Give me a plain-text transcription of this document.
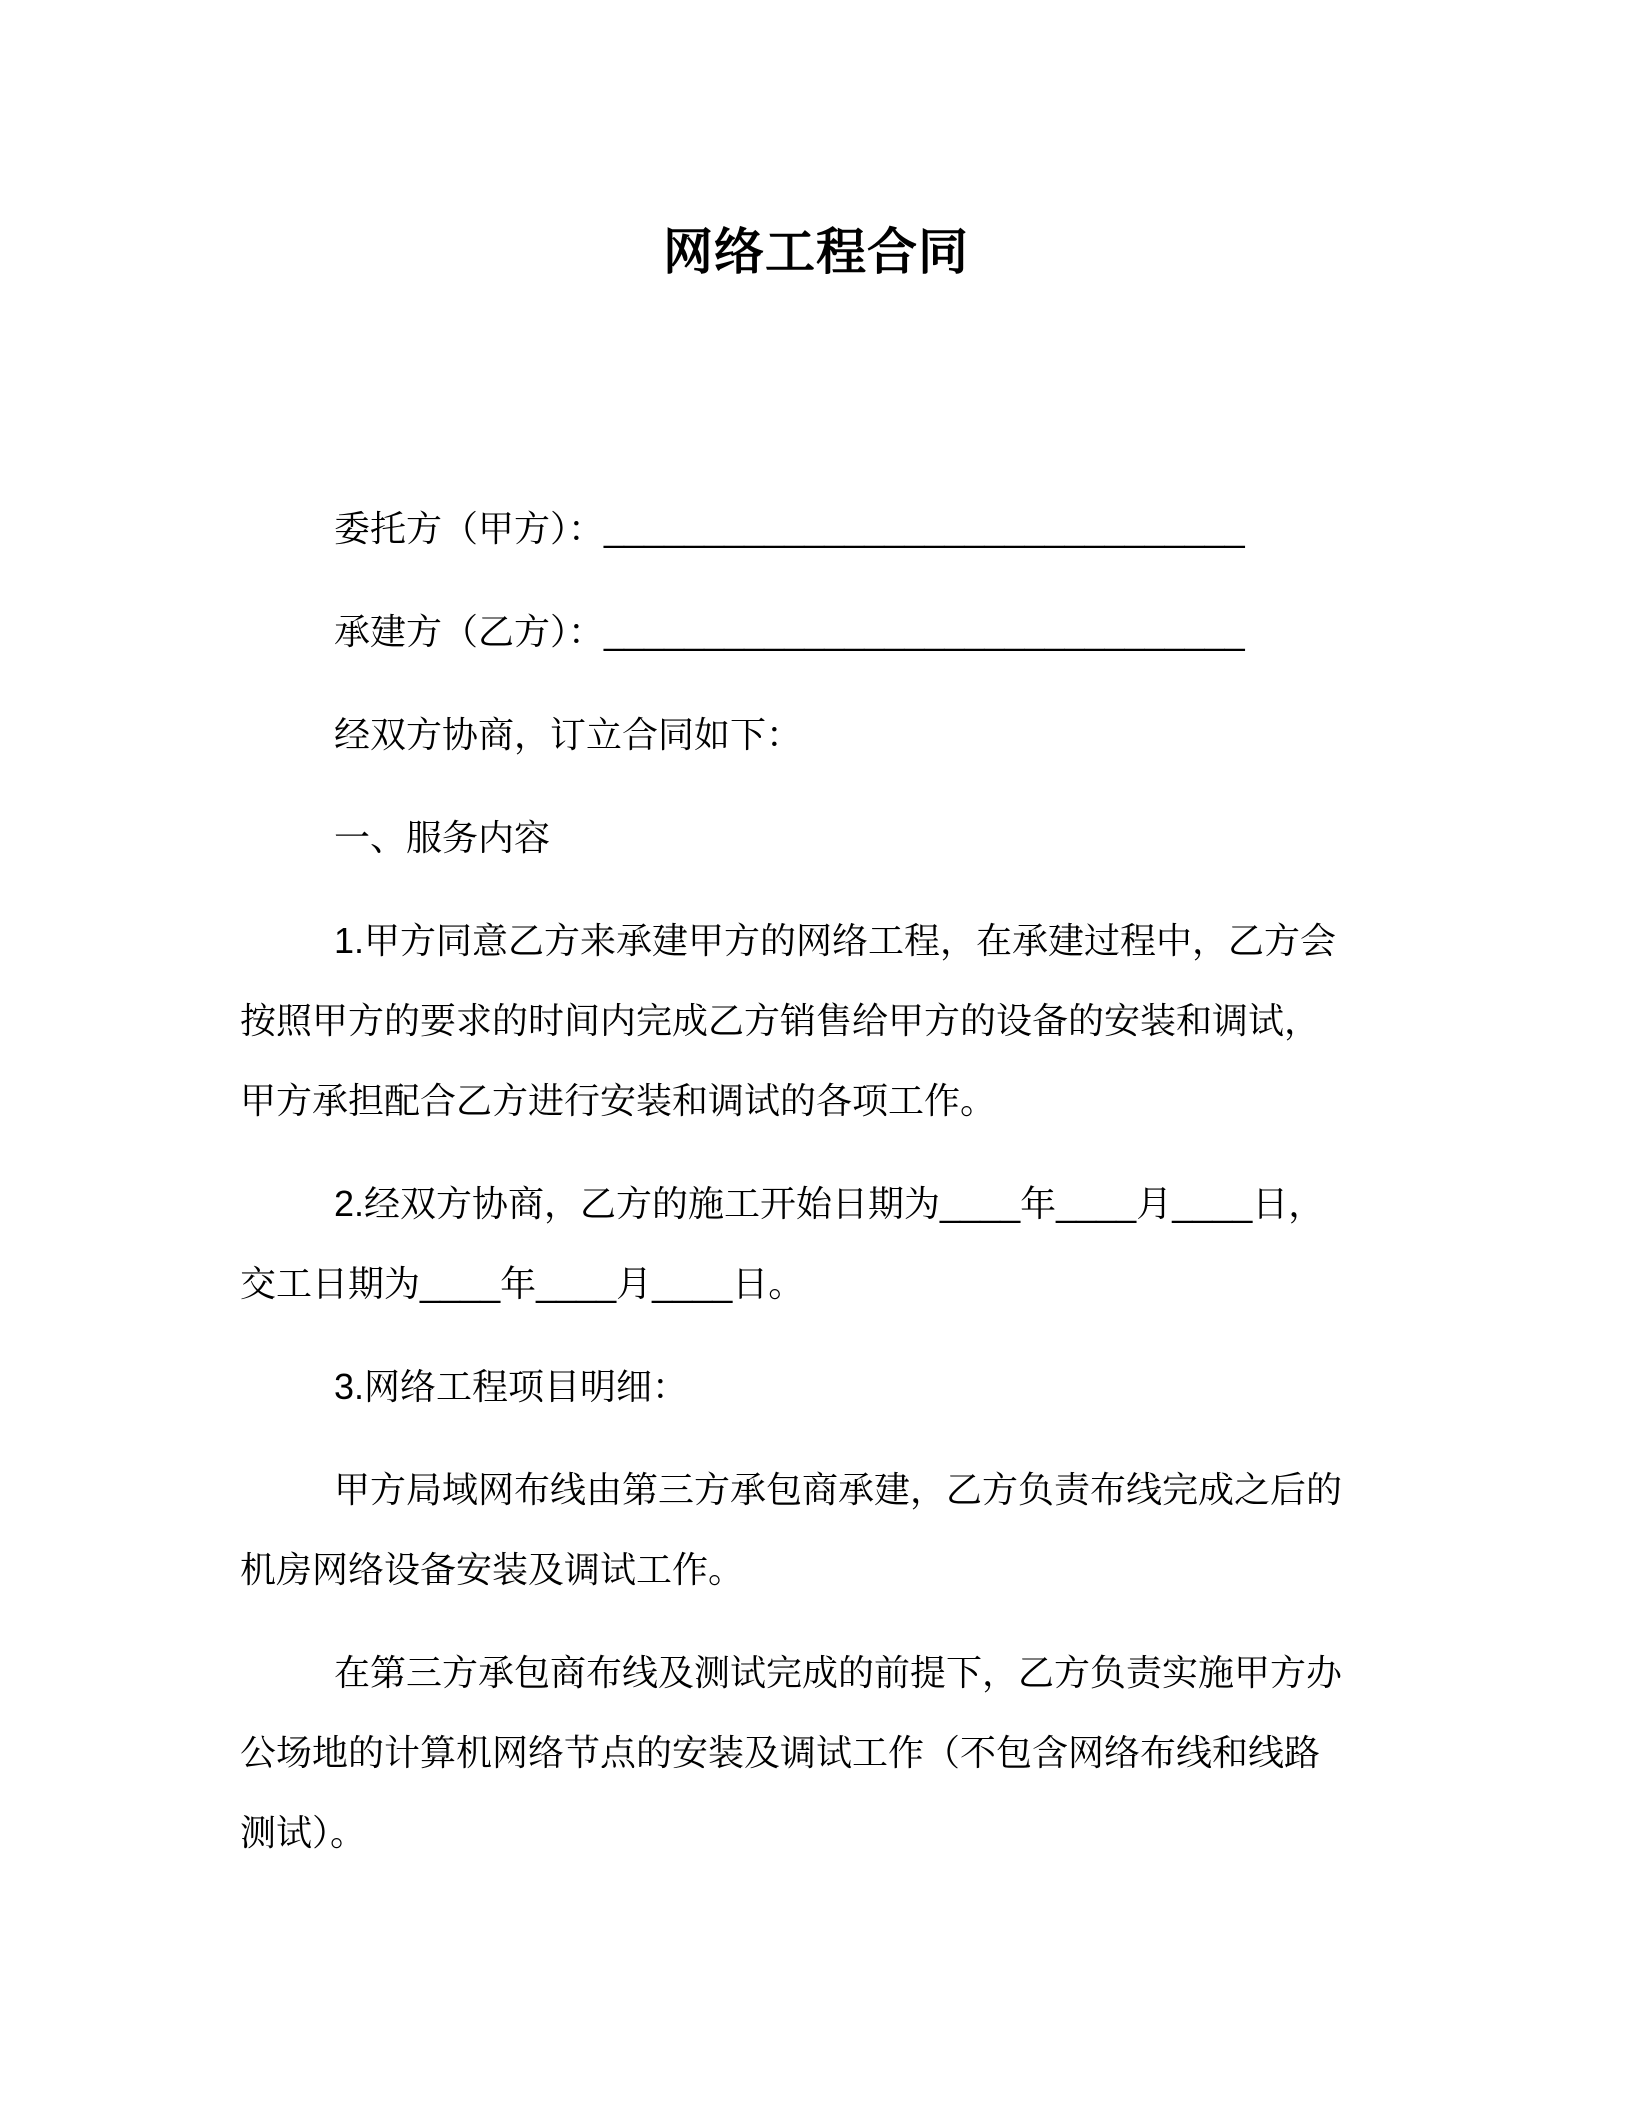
网络工程合同
委托方（甲方）：________________________________
承建方（乙方）：________________________________
经双方协商，订立合同如下：
一、服务内容
1.甲方同意乙方来承建甲方的网络工程，在承建过程中，乙方会
按照甲方的要求的时间内完成乙方销售给甲方的设备的安装和调试，
甲方承担配合乙方进行安装和调试的各项工作。
2.经双方协商，乙方的施工开始日期为____年____月____日，
交工日期为____年____月____日。
3.网络工程项目明细：
甲方局域网布线由第三方承包商承建，乙方负责布线完成之后的
机房网络设备安装及调试工作。
在第三方承包商布线及测试完成的前提下，乙方负责实施甲方办
公场地的计算机网络节点的安装及调试工作（不包含网络布线和线路
测试）。
